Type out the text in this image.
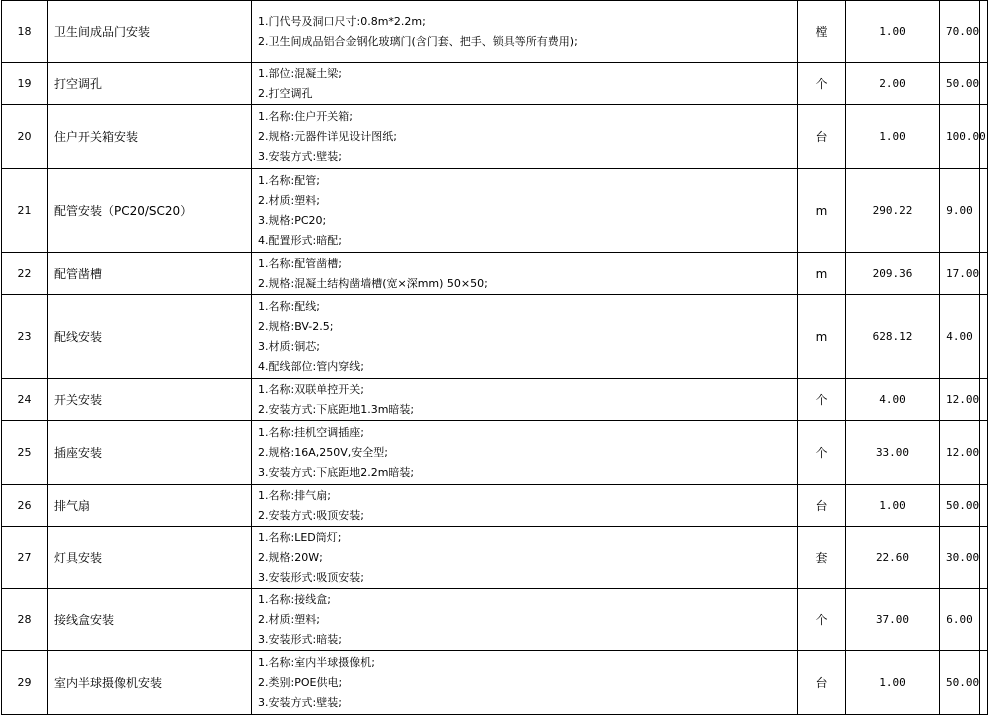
18	卫生间成品门安装	1.门代号及洞口尺寸:0.8m*2.2m;
2.卫生间成品铝合金钢化玻璃门(含门套、把手、锁具等所有费用);	樘	1.00	70.00	
19	打空调孔	1.部位:混凝土梁;
2.打空调孔	个	2.00	50.00	
20	住户开关箱安装	1.名称:住户开关箱;
2.规格:元器件详见设计图纸;
3.安装方式:壁装;	台	1.00	100.00	
21	配管安装（PC20/SC20）	1.名称:配管;
2.材质:塑料;
3.规格:PC20;
4.配置形式:暗配;	m	290.22	9.00	
22	配管凿槽	1.名称:配管凿槽;
2.规格:混凝土结构凿墙槽(宽×深mm) 50×50;	m	209.36	17.00	
23	配线安装	1.名称:配线;
2.规格:BV-2.5;
3.材质:铜芯;
4.配线部位:管内穿线;	m	628.12	4.00	
24	开关安装	1.名称:双联单控开关;
2.安装方式:下底距地1.3m暗装;	个	4.00	12.00	
25	插座安装	1.名称:挂机空调插座;
2.规格:16A,250V,安全型;
3.安装方式:下底距地2.2m暗装;	个	33.00	12.00	
26	排气扇	1.名称:排气扇;
2.安装方式:吸顶安装;	台	1.00	50.00	
27	灯具安装	1.名称:LED筒灯;
2.规格:20W;
3.安装形式:吸顶安装;	套	22.60	30.00	
28	接线盒安装	1.名称:接线盒;
2.材质:塑料;
3.安装形式:暗装;	个	37.00	6.00	
29	室内半球摄像机安装	1.名称:室内半球摄像机;
2.类别:POE供电;
3.安装方式:壁装;	台	1.00	50.00	
